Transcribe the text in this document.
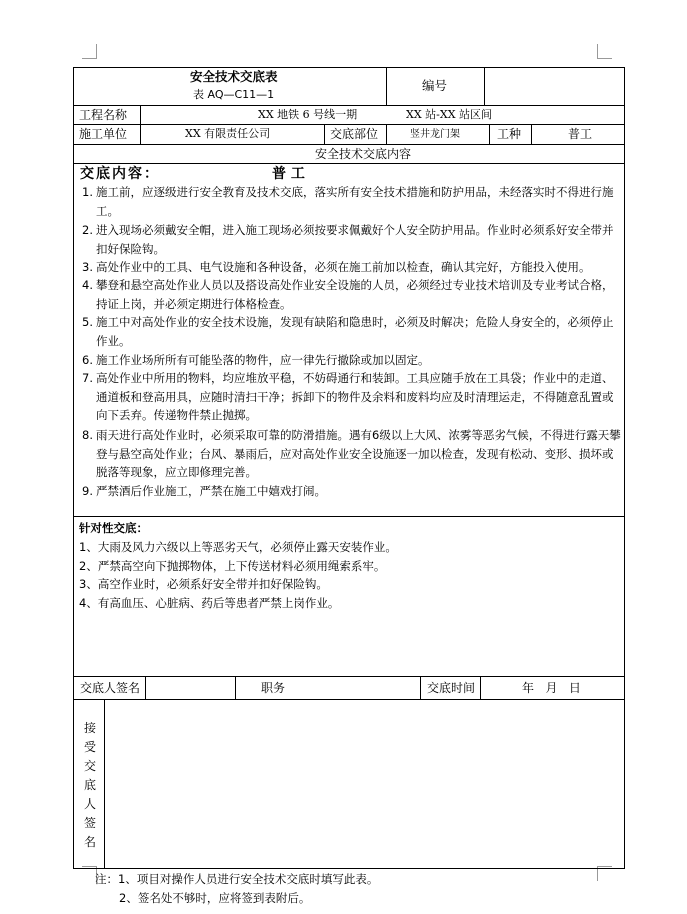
安全技术交底表
表 AQ—C11—1
编号
工程名称	XX 地铁 6 号线一期	XX 站-XX 站区间
施工单位	XX 有限责任公司	交底部位	竖井龙门架	工种	普工
安全技术交底内容
交底内容：	普 工
1. 施工前，应逐级进行安全教育及技术交底，落实所有安全技术措施和防护用品，未经落实时不得进行施工。
2. 进入现场必须戴安全帽，进入施工现场必须按要求佩戴好个人安全防护用品。作业时必须系好安全带并扣好保险钩。
3. 高处作业中的工具、电气设施和各种设备，必须在施工前加以检查，确认其完好，方能投入使用。
4. 攀登和悬空高处作业人员以及搭设高处作业安全设施的人员，必须经过专业技术培训及专业考试合格，持证上岗，并必须定期进行体格检查。
5. 施工中对高处作业的安全技术设施，发现有缺陷和隐患时，必须及时解决；危险人身安全的，必须停止作业。
6. 施工作业场所所有可能坠落的物件，应一律先行撤除或加以固定。
7. 高处作业中所用的物料，均应堆放平稳，不妨碍通行和装卸。工具应随手放在工具袋；作业中的走道、通道板和登高用具，应随时清扫干净；拆卸下的物件及余料和废料均应及时清理运走，不得随意乱置或向下丢弃。传递物件禁止抛掷。
8. 雨天进行高处作业时，必须采取可靠的防滑措施。遇有6级以上大风、浓雾等恶劣气候，不得进行露天攀登与悬空高处作业；台风、暴雨后，应对高处作业安全设施逐一加以检查，发现有松动、变形、损坏或脱落等现象，应立即修理完善。
9. 严禁酒后作业施工，严禁在施工中嬉戏打闹。
针对性交底：
1、大雨及风力六级以上等恶劣天气，必须停止露天安装作业。
2、严禁高空向下抛掷物体，上下传送材料必须用绳索系牢。
3、高空作业时，必须系好安全带并扣好保险钩。
4、有高血压、心脏病、药后等患者严禁上岗作业。
交底人签名	职务	交底时间	年   月   日
接
受
交
底
人
签
名
注：1、项目对操作人员进行安全技术交底时填写此表。
2、签名处不够时，应将签到表附后。
